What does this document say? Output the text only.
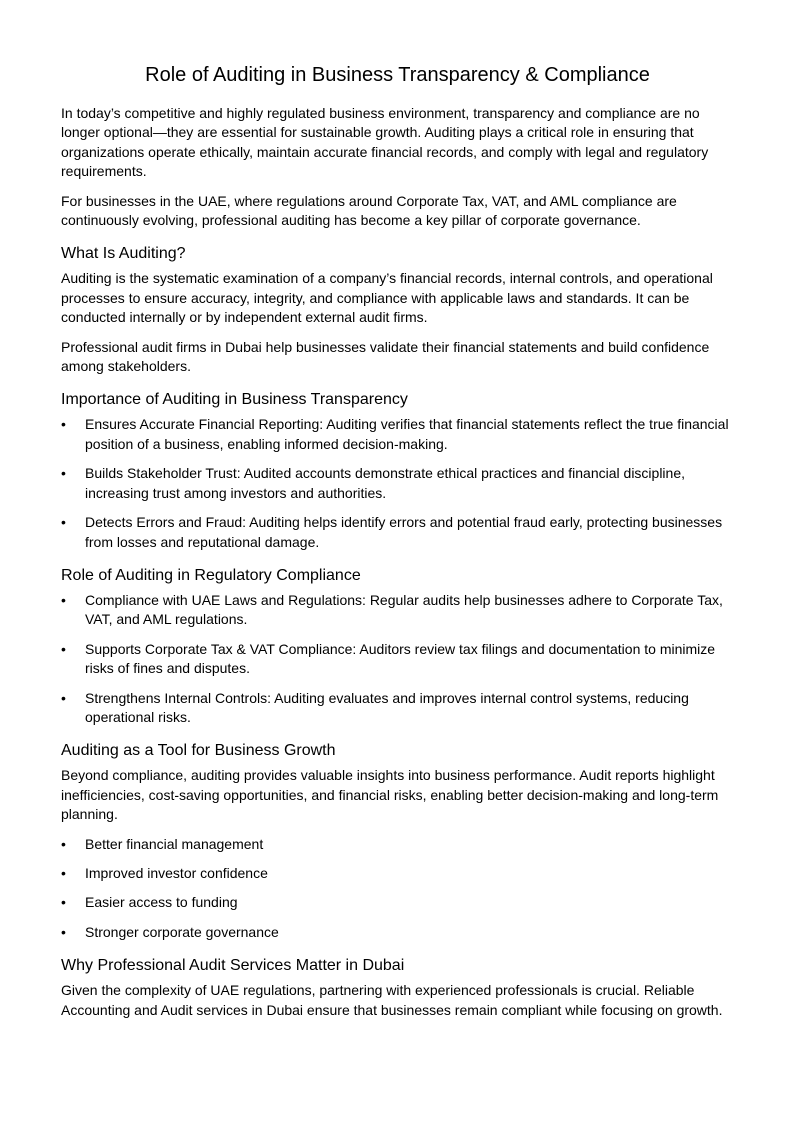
Role of Auditing in Business Transparency & Compliance

In today’s competitive and highly regulated business environment, transparency and compliance are no longer optional—they are essential for sustainable growth. Auditing plays a critical role in ensuring that organizations operate ethically, maintain accurate financial records, and comply with legal and regulatory requirements.

For businesses in the UAE, where regulations around Corporate Tax, VAT, and AML compliance are continuously evolving, professional auditing has become a key pillar of corporate governance.

What Is Auditing?

Auditing is the systematic examination of a company’s financial records, internal controls, and operational processes to ensure accuracy, integrity, and compliance with applicable laws and standards. It can be conducted internally or by independent external audit firms.

Professional audit firms in Dubai help businesses validate their financial statements and build confidence among stakeholders.

Importance of Auditing in Business Transparency
•	Ensures Accurate Financial Reporting: Auditing verifies that financial statements reflect the true financial position of a business, enabling informed decision-making.
•	Builds Stakeholder Trust: Audited accounts demonstrate ethical practices and financial discipline, increasing trust among investors and authorities.
•	Detects Errors and Fraud: Auditing helps identify errors and potential fraud early, protecting businesses from losses and reputational damage.
Role of Auditing in Regulatory Compliance
•	Compliance with UAE Laws and Regulations: Regular audits help businesses adhere to Corporate Tax, VAT, and AML regulations.
•	Supports Corporate Tax & VAT Compliance: Auditors review tax filings and documentation to minimize risks of fines and disputes.
•	Strengthens Internal Controls: Auditing evaluates and improves internal control systems, reducing operational risks.
Auditing as a Tool for Business Growth

Beyond compliance, auditing provides valuable insights into business performance. Audit reports highlight inefficiencies, cost-saving opportunities, and financial risks, enabling better decision-making and long-term planning.

•	Better financial management
•	Improved investor confidence
•	Easier access to funding
•	Stronger corporate governance
Why Professional Audit Services Matter in Dubai

Given the complexity of UAE regulations, partnering with experienced professionals is crucial. Reliable Accounting and Audit services in Dubai ensure that businesses remain compliant while focusing on growth.
